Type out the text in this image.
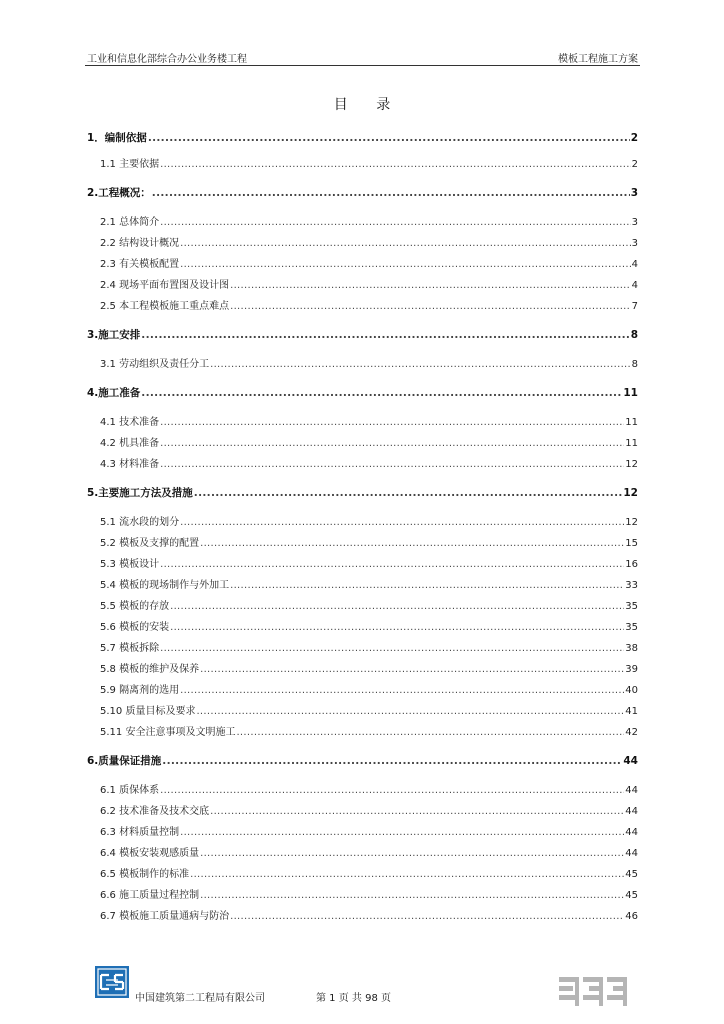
工业和信息化部综合办公业务楼工程	模板工程施工方案
目 录
1．编制依据 .....	2
1.1 主要依据 .....	2
2.工程概况： .....	3
2.1 总体简介 .....	3
2.2 结构设计概况 .....	3
2.3 有关模板配置 .....	4
2.4 现场平面布置图及设计图 .....	4
2.5 本工程模板施工重点难点 .....	7
3.施工安排 .....	8
3.1 劳动组织及责任分工 .....	8
4.施工准备 .....	11
4.1 技术准备 .....	11
4.2 机具准备 .....	11
4.3 材料准备 .....	12
5.主要施工方法及措施 .....	12
5.1 流水段的划分 .....	12
5.2 模板及支撑的配置 .....	15
5.3 模板设计 .....	16
5.4 模板的现场制作与外加工 .....	33
5.5 模板的存放 .....	35
5.6 模板的安装 .....	35
5.7 模板拆除 .....	38
5.8 模板的维护及保养 .....	39
5.9 隔离剂的选用 .....	40
5.10 质量目标及要求 .....	41
5.11 安全注意事项及文明施工 .....	42
6.质量保证措施 .....	44
6.1 质保体系 .....	44
6.2 技术准备及技术交底 .....	44
6.3 材料质量控制 .....	44
6.4 模板安装观感质量 .....	44
6.5 模板制作的标准 .....	45
6.6 施工质量过程控制 .....	45
6.7 模板施工质量通病与防治 .....	46
中国建筑第二工程局有限公司	第 1 页 共 98 页
